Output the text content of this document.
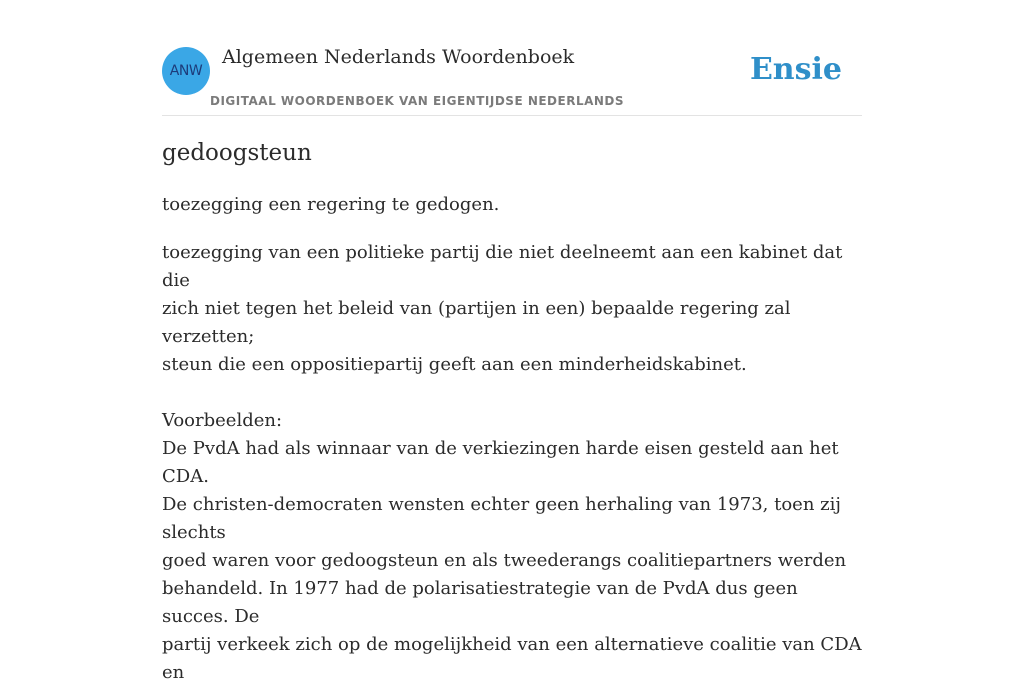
ANW
Algemeen Nederlands Woordenboek
DIGITAAL WOORDENBOEK VAN EIGENTIJDSE NEDERLANDS
Ensie
gedoogsteun
toezegging een regering te gedogen.

toezegging van een politieke partij die niet deelneemt aan een kabinet dat die
zich niet tegen het beleid van (partijen in een) bepaalde regering zal verzetten;
steun die een oppositiepartij geeft aan een minderheidskabinet.

Voorbeelden:

De PvdA had als winnaar van de verkiezingen harde eisen gesteld aan het CDA.
De christen-democraten wensten echter geen herhaling van 1973, toen zij slechts
goed waren voor gedoogsteun en als tweederangs coalitiepartners werden
behandeld. In 1977 had de polarisatiestrategie van de PvdA dus geen succes. De
partij verkeek zich op de mogelijkheid van een alternatieve coalitie van CDA en
